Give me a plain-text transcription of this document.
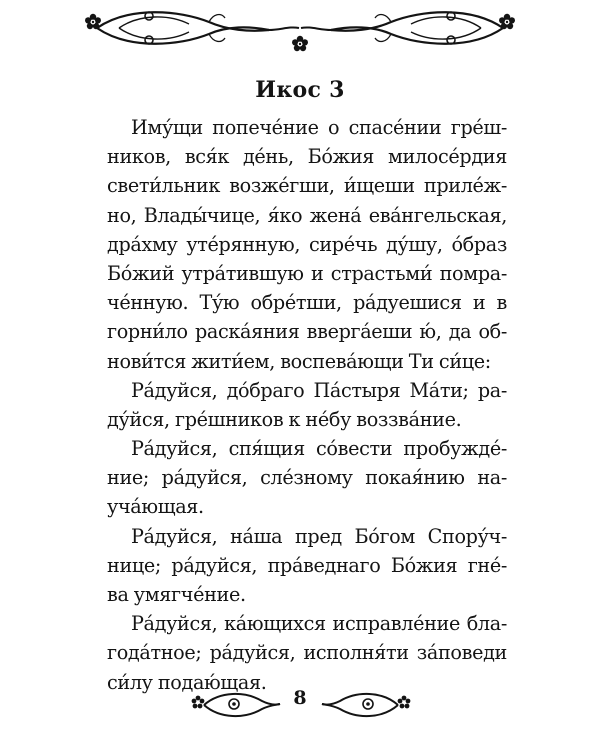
Икос 3
Иму́щи попече́ние о спасе́нии гре́ш-
ников, вся́к де́нь, Бо́жия милосе́рдия
свети́льник возже́гши, и́щеши приле́ж-
но, Влады́чице, я́ко жена́ ева́нгельская,
дра́хму уте́рянную, сире́чь ду́шу, о́браз
Бо́жий утра́тившую и страстьми́ помра-
че́нную. Ту́ю обре́тши, ра́дуешися и в
горни́ло раска́яния вверга́еши ю́, да об-
нови́тся жити́ем, воспева́ющи Ти си́це:
Ра́дуйся, до́браго Па́стыря Ма́ти; ра-
ду́йся, гре́шников к не́бу воззва́ние.
Ра́дуйся, спя́щия со́вести пробужде́-
ние; ра́дуйся, сле́зному покая́нию на-
уча́ющая.
Ра́дуйся, на́ша пред Бо́гом Спору́ч-
нице; ра́дуйся, пра́веднаго Бо́жия гне́-
ва умягче́ние.
Ра́дуйся, ка́ющихся исправле́ние бла-
года́тное; ра́дуйся, исполня́ти за́поведи
си́лу подаю́щая.
8
